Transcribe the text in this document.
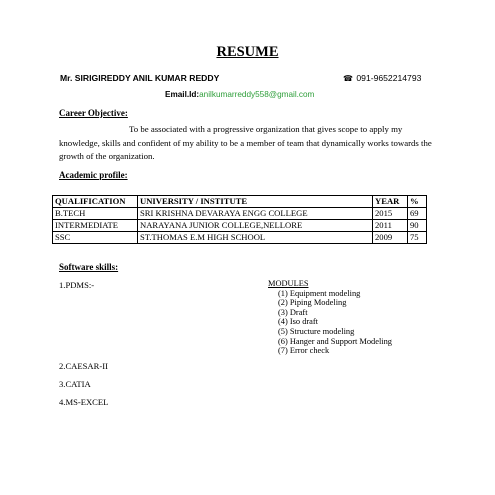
RESUME
Mr. SIRIGIREDDY ANIL KUMAR REDDY	☎ 091-9652214793
Email.Id:anilkumarreddy558@gmail.com
Career Objective:
To be associated with a progressive organization that gives scope to apply my knowledge, skills and confident of my ability to be a member of team that dynamically works towards the growth of the organization.
Academic profile:
QUALIFICATION	UNIVERSITY / INSTITUTE	YEAR	%
B.TECH	SRI KRISHNA DEVARAYA ENGG COLLEGE	2015	69
INTERMEDIATE	NARAYANA JUNIOR COLLEGE,NELLORE	2011	90
SSC	ST.THOMAS E.M HIGH SCHOOL	2009	75
Software skills:
1.PDMS:-	MODULES
(1) Equipment modeling
(2) Piping Modeling
(3) Draft
(4) Iso draft
(5) Structure modeling
(6) Hanger and Support Modeling
(7) Error check
2.CAESAR-II
3.CATIA
4.MS-EXCEL
